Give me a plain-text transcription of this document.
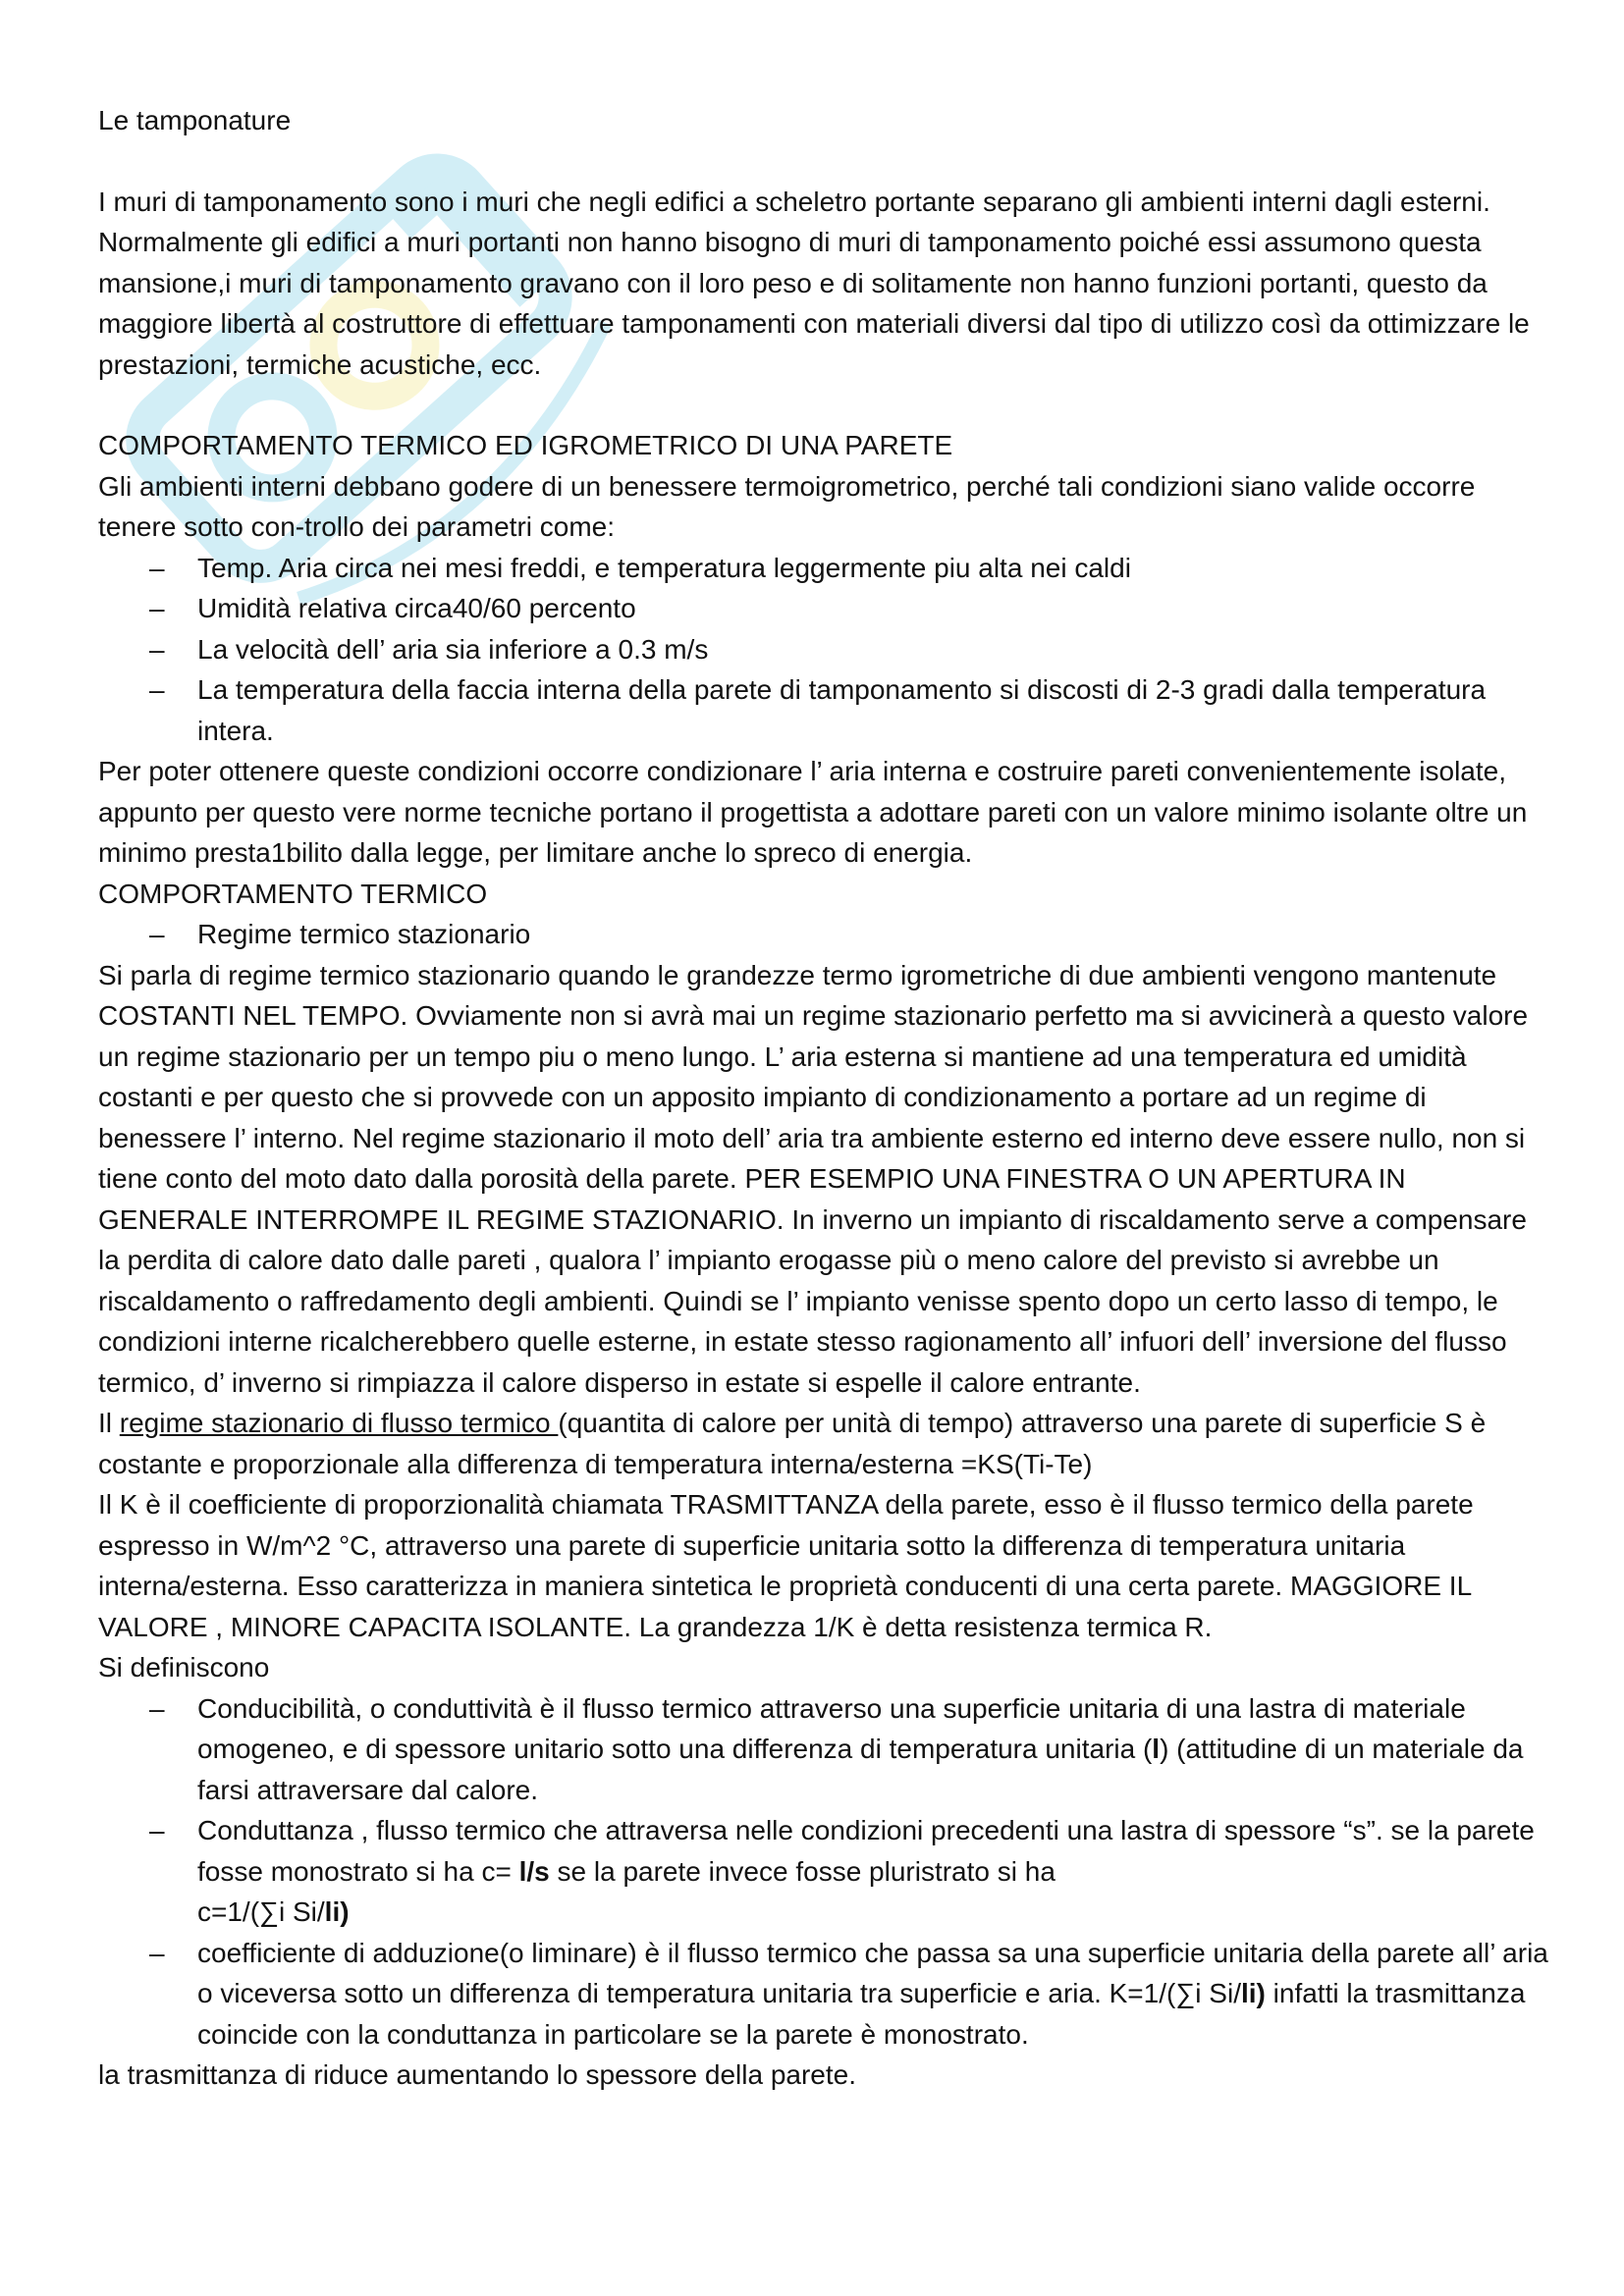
Le tamponature

I muri di tamponamento sono i muri che negli edifici a scheletro portante separano gli ambienti interni dagli esterni. Normalmente gli edifici a muri portanti non hanno bisogno di muri di tamponamento poiché essi assumono questa mansione,i muri di tamponamento gravano con il loro peso e di solitamente non hanno funzioni portanti, questo da maggiore libertà al costruttore di effettuare tamponamenti con materiali diversi dal tipo di utilizzo così da ottimizzare le prestazioni, termiche acustiche, ecc.

COMPORTAMENTO TERMICO ED IGROMETRICO DI UNA PARETE

Gli ambienti interni debbano godere di un benessere termoigrometrico, perché tali condizioni siano valide occorre tenere sotto con-trollo dei parametri come:

– Temp. Aria circa nei mesi freddi, e temperatura leggermente piu alta nei caldi

– Umidità relativa circa40/60 percento

– La velocità dell’ aria sia inferiore a 0.3 m/s

– La temperatura della faccia interna della parete di tamponamento si discosti di 2-3 gradi dalla temperatura intera.

Per poter ottenere queste condizioni occorre condizionare l’ aria interna e costruire pareti convenientemente isolate, appunto per questo vere norme tecniche portano il progettista a adottare pareti con un valore minimo isolante oltre un minimo presta1bilito dalla legge, per limitare anche lo spreco di energia.

COMPORTAMENTO TERMICO

– Regime termico stazionario

Si parla di regime termico stazionario quando le grandezze termo igrometriche di due ambienti vengono mantenute COSTANTI NEL TEMPO. Ovviamente non si avrà mai un regime stazionario perfetto ma si avvicinerà a questo valore un regime stazionario per un tempo piu o meno lungo. L’ aria esterna si mantiene ad una temperatura ed umidità costanti e per questo che si provvede con un apposito impianto di condizionamento a portare ad un regime di benessere l’ interno. Nel regime stazionario il moto dell’ aria tra ambiente esterno ed interno deve essere nullo, non si tiene conto del moto dato dalla porosità della parete. PER ESEMPIO UNA FINESTRA O UN APERTURA IN GENERALE INTERROMPE IL REGIME STAZIONARIO. In inverno un impianto di riscaldamento serve a compensare la perdita di calore dato dalle pareti , qualora l’ impianto erogasse più o meno calore del previsto si avrebbe un riscaldamento o raffredamento degli ambienti. Quindi se l’ impianto venisse spento dopo un certo lasso di tempo, le condizioni interne ricalcherebbero quelle esterne, in estate stesso ragionamento all’ infuori dell’ inversione del flusso termico, d’ inverno si rimpiazza il calore disperso in estate si espelle il calore entrante.

Il regime stazionario di flusso termico (quantita di calore per unità di tempo) attraverso una parete di superficie S è costante e proporzionale alla differenza di temperatura interna/esterna =KS(Ti-Te)

Il K è il coefficiente di proporzionalità chiamata TRASMITTANZA della parete, esso è il flusso termico della parete espresso in W/m^2 °C, attraverso una parete di superficie unitaria sotto la differenza di temperatura unitaria interna/esterna. Esso caratterizza in maniera sintetica le proprietà conducenti di una certa parete. MAGGIORE IL VALORE , MINORE CAPACITA ISOLANTE. La grandezza 1/K è detta resistenza termica R.

Si definiscono

– Conducibilità, o conduttività è il flusso termico attraverso una superficie unitaria di una lastra di materiale omogeneo, e di spessore unitario sotto una differenza di temperatura unitaria (l) (attitudine di un materiale da farsi attraversare dal calore.

– Conduttanza , flusso termico che attraversa nelle condizioni precedenti una lastra di spessore “s”. se la parete fosse monostrato si ha c= l/s se la parete invece fosse pluristrato si ha

c=1/(∑i Si/li)

– coefficiente di adduzione(o liminare) è il flusso termico che passa sa una superficie unitaria della parete all’ aria o viceversa sotto un differenza di temperatura unitaria tra superficie e aria. K=1/(∑i Si/li) infatti la trasmittanza coincide con la conduttanza in particolare se la parete è monostrato.

la trasmittanza di riduce aumentando lo spessore della parete.
